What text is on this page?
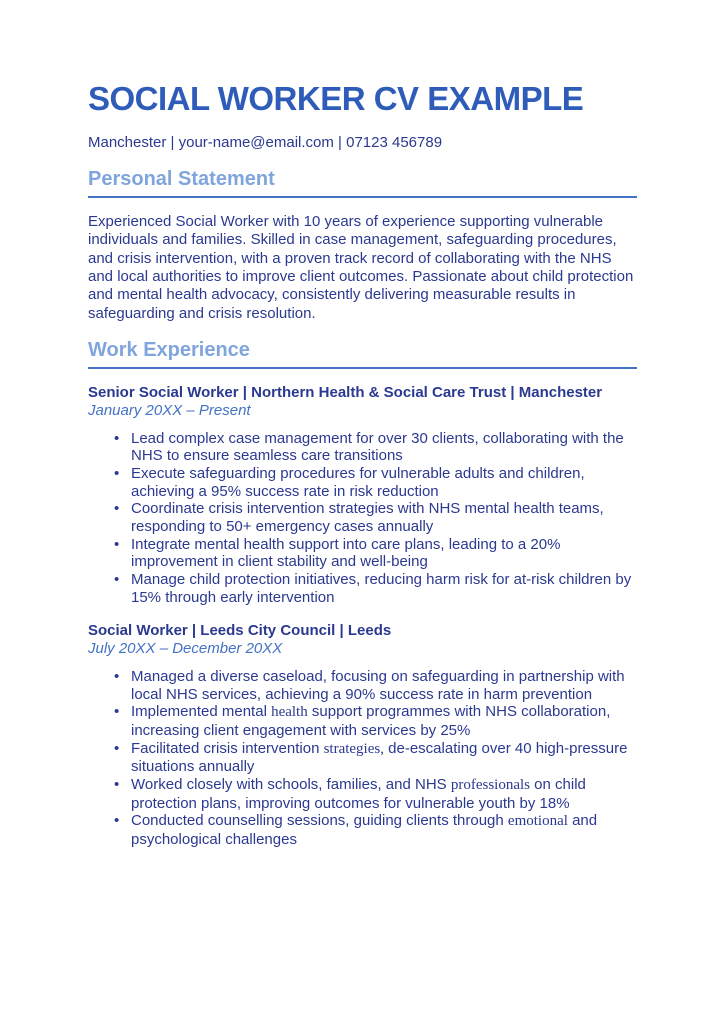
SOCIAL WORKER CV EXAMPLE
Manchester | your-name@email.com | 07123 456789
Personal Statement

Experienced Social Worker with 10 years of experience supporting vulnerable individuals and families. Skilled in case management, safeguarding procedures, and crisis intervention, with a proven track record of collaborating with the NHS and local authorities to improve client outcomes. Passionate about child protection and mental health advocacy, consistently delivering measurable results in safeguarding and crisis resolution.

Work Experience
Senior Social Worker | Northern Health & Social Care Trust | Manchester
January 20XX – Present
• Lead complex case management for over 30 clients, collaborating with the NHS to ensure seamless care transitions
• Execute safeguarding procedures for vulnerable adults and children, achieving a 95% success rate in risk reduction
• Coordinate crisis intervention strategies with NHS mental health teams, responding to 50+ emergency cases annually
• Integrate mental health support into care plans, leading to a 20% improvement in client stability and well-being
• Manage child protection initiatives, reducing harm risk for at-risk children by 15% through early intervention
Social Worker | Leeds City Council | Leeds
July 20XX – December 20XX
• Managed a diverse caseload, focusing on safeguarding in partnership with local NHS services, achieving a 90% success rate in harm prevention
• Implemented mental health support programmes with NHS collaboration, increasing client engagement with services by 25%
• Facilitated crisis intervention strategies, de-escalating over 40 high-pressure situations annually
• Worked closely with schools, families, and NHS professionals on child protection plans, improving outcomes for vulnerable youth by 18%
• Conducted counselling sessions, guiding clients through emotional and psychological challenges
